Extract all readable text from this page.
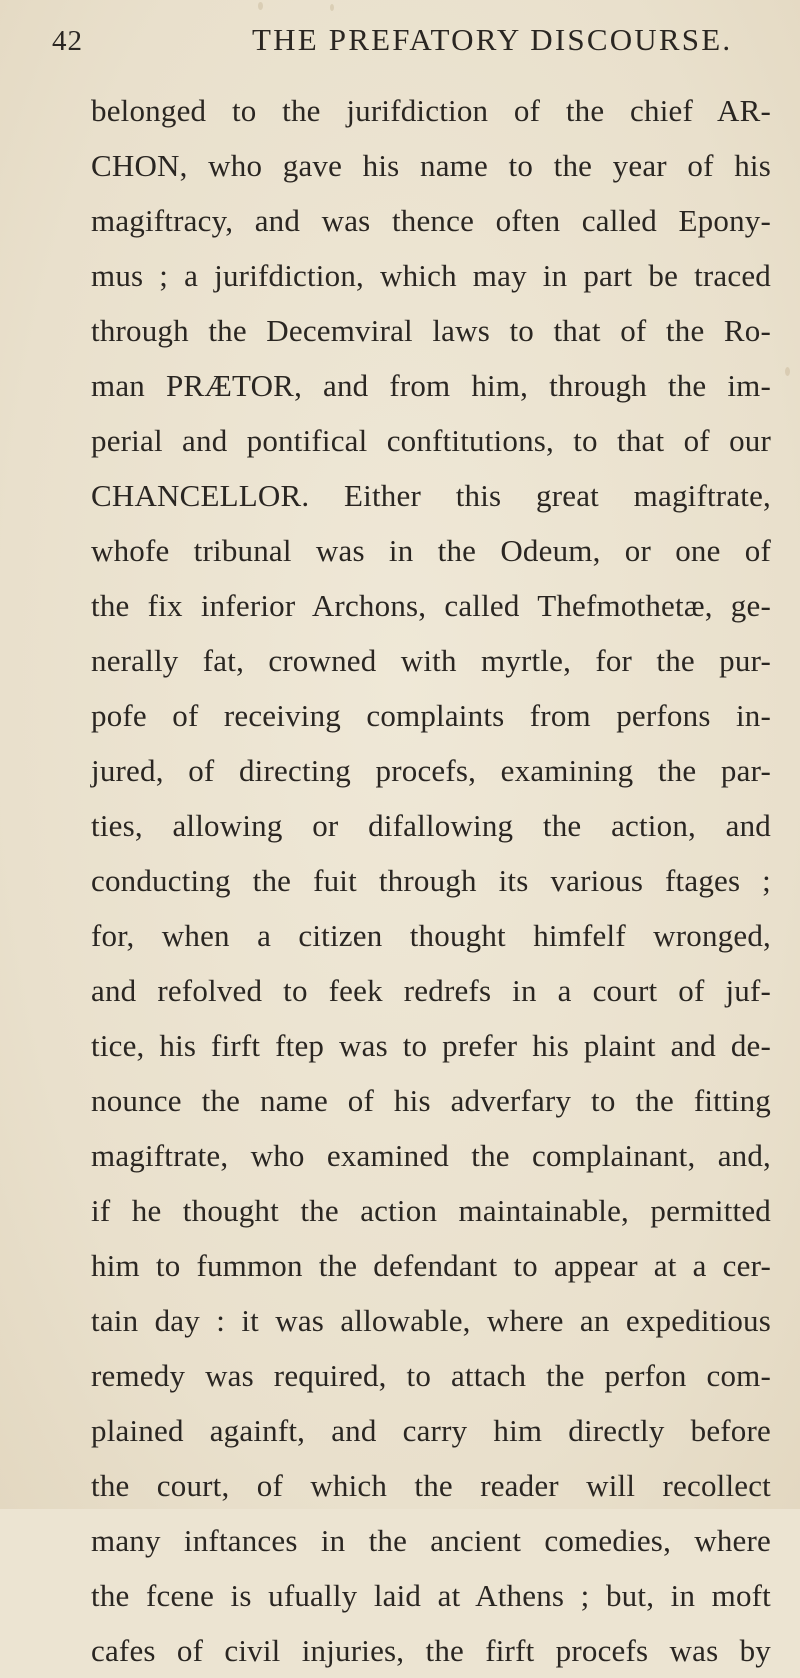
42	THE PREFATORY DISCOURSE.
belonged to the jurifdiction of the chief AR-
CHON, who gave his name to the year of his
magiftracy, and was thence often called Epony-
mus ; a jurifdiction, which may in part be traced
through the Decemviral laws to that of the Ro-
man PRÆTOR, and from him, through the im-
perial and pontifical conftitutions, to that of our
CHANCELLOR. Either this great magiftrate,
whofe tribunal was in the Odeum, or one of
the fix inferior Archons, called Thefmothetæ, ge-
nerally fat, crowned with myrtle, for the pur-
pofe of receiving complaints from perfons in-
jured, of directing procefs, examining the par-
ties, allowing or difallowing the action, and
conducting the fuit through its various ftages ;
for, when a citizen thought himfelf wronged,
and refolved to feek redrefs in a court of juf-
tice, his firft ftep was to prefer his plaint and de-
nounce the name of his adverfary to the fitting
magiftrate, who examined the complainant, and,
if he thought the action maintainable, permitted
him to fummon the defendant to appear at a cer-
tain day : it was allowable, where an expeditious
remedy was required, to attach the perfon com-
plained againft, and carry him directly before
the court, of which the reader will recollect
many inftances in the ancient comedies, where
the fcene is ufually laid at Athens ; but, in moft
cafes of civil injuries, the firft procefs was by
